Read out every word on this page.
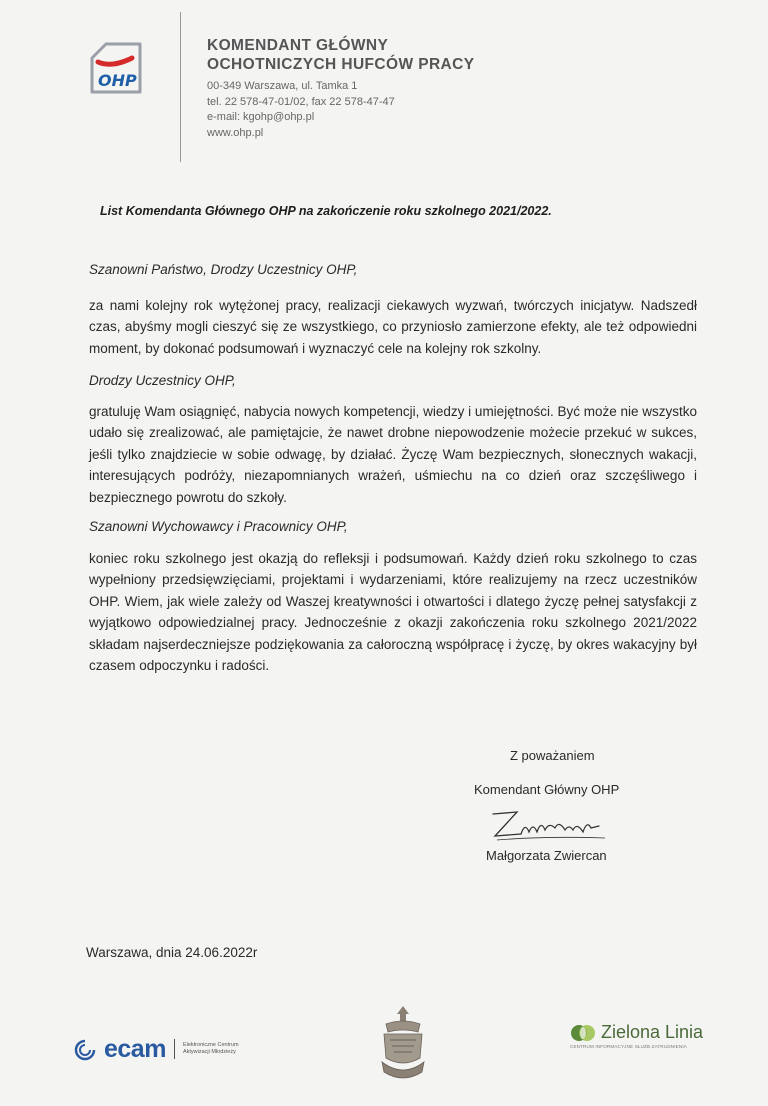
OHP
KOMENDANT GŁÓWNY
OCHOTNICZYCH HUFCÓW PRACY
00-349 Warszawa, ul. Tamka 1
tel. 22 578-47-01/02, fax 22 578-47-47
e-mail: kgohp@ohp.pl
www.ohp.pl
List Komendanta Głównego OHP na zakończenie roku szkolnego 2021/2022.
Szanowni Państwo, Drodzy Uczestnicy OHP,
za nami kolejny rok wytężonej pracy, realizacji ciekawych wyzwań, twórczych inicjatyw. Nadszedł czas, abyśmy mogli cieszyć się ze wszystkiego, co przyniosło zamierzone efekty, ale też odpowiedni moment, by dokonać podsumowań i wyznaczyć cele na kolejny rok szkolny.
Drodzy Uczestnicy OHP,
gratuluję Wam osiągnięć, nabycia nowych kompetencji, wiedzy i umiejętności. Być może nie wszystko udało się zrealizować, ale pamiętajcie, że nawet drobne niepowodzenie możecie przekuć w sukces, jeśli tylko znajdziecie w sobie odwagę, by działać. Życzę Wam bezpiecznych, słonecznych wakacji, interesujących podróży, niezapomnianych wrażeń, uśmiechu na co dzień oraz szczęśliwego i bezpiecznego powrotu do szkoły.
Szanowni Wychowawcy i Pracownicy OHP,
koniec roku szkolnego jest okazją do refleksji i podsumowań. Każdy dzień roku szkolnego to czas wypełniony przedsięwzięciami, projektami i wydarzeniami, które realizujemy na rzecz uczestników OHP. Wiem, jak wiele zależy od Waszej kreatywności i otwartości i dlatego życzę pełnej satysfakcji z wyjątkowo odpowiedzialnej pracy. Jednocześnie z okazji zakończenia roku szkolnego 2021/2022 składam najserdeczniejsze podziękowania za całoroczną współpracę i życzę, by okres wakacyjny był czasem odpoczynku i radości.
Z poważaniem
Komendant Główny OHP
Małgorzata Zwiercan
Warszawa, dnia 24.06.2022r
ecam	Elektroniczne Centrum
Aktywizacji Młodzieży
Zielona Linia
CENTRUM INFORMACYJNE SŁUŻB ZATRUDNIENIA
